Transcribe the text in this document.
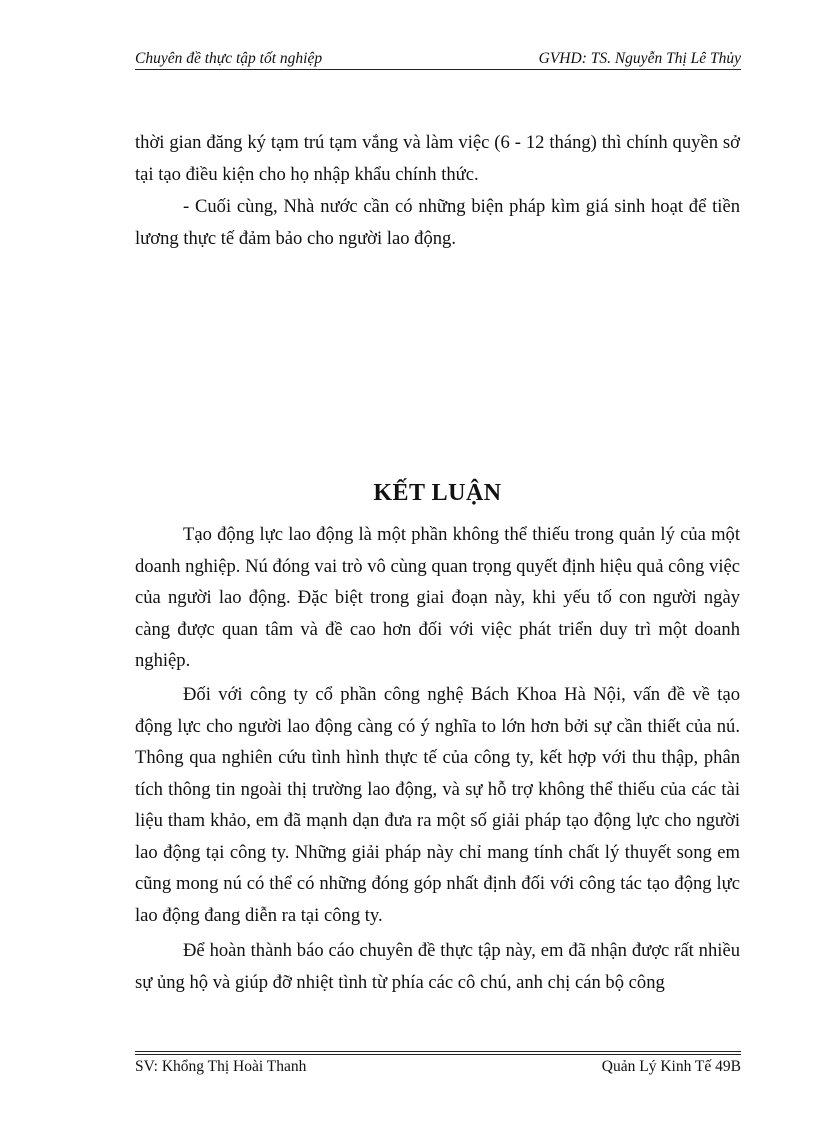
Chuyên đề thực tập tốt nghiệp	GVHD: TS. Nguyễn Thị Lê Thủy

thời gian đăng ký tạm trú tạm vắng và làm việc (6 - 12 tháng) thì chính quyền sở tại tạo điều kiện cho họ nhập khẩu chính thức.

- Cuối cùng, Nhà nước cần có những biện pháp kìm giá sinh hoạt để tiền lương thực tế đảm bảo cho người lao động.

KẾT LUẬN

Tạo động lực lao động là một phần không thể thiếu trong quản lý của một doanh nghiệp. Nú đóng vai trò vô cùng quan trọng quyết định hiệu quả công việc của người lao động. Đặc biệt trong giai đoạn này, khi yếu tố con người ngày càng được quan tâm và đề cao hơn đối với việc phát triển duy trì một doanh nghiệp.

Đối với công ty cổ phần công nghệ Bách Khoa Hà Nội, vấn đề về tạo động lực cho người lao động càng có ý nghĩa to lớn hơn bởi sự cần thiết của nú. Thông qua nghiên cứu tình hình thực tế của công ty, kết hợp với thu thập, phân tích thông tin ngoài thị trường lao động, và sự hỗ trợ không thể thiếu của các tài liệu tham khảo, em đã mạnh dạn đưa ra một số giải pháp tạo động lực cho người lao động tại công ty. Những giải pháp này chỉ mang tính chất lý thuyết song em cũng mong nú có thể có những đóng góp nhất định đối với công tác tạo động lực lao động đang diễn ra tại công ty.

Để hoàn thành báo cáo chuyên đề thực tập này, em đã nhận được rất nhiều sự ủng hộ và giúp đỡ nhiệt tình từ phía các cô chú, anh chị cán bộ công

SV: Khổng Thị Hoài Thanh	Quản Lý Kinh Tế 49B
